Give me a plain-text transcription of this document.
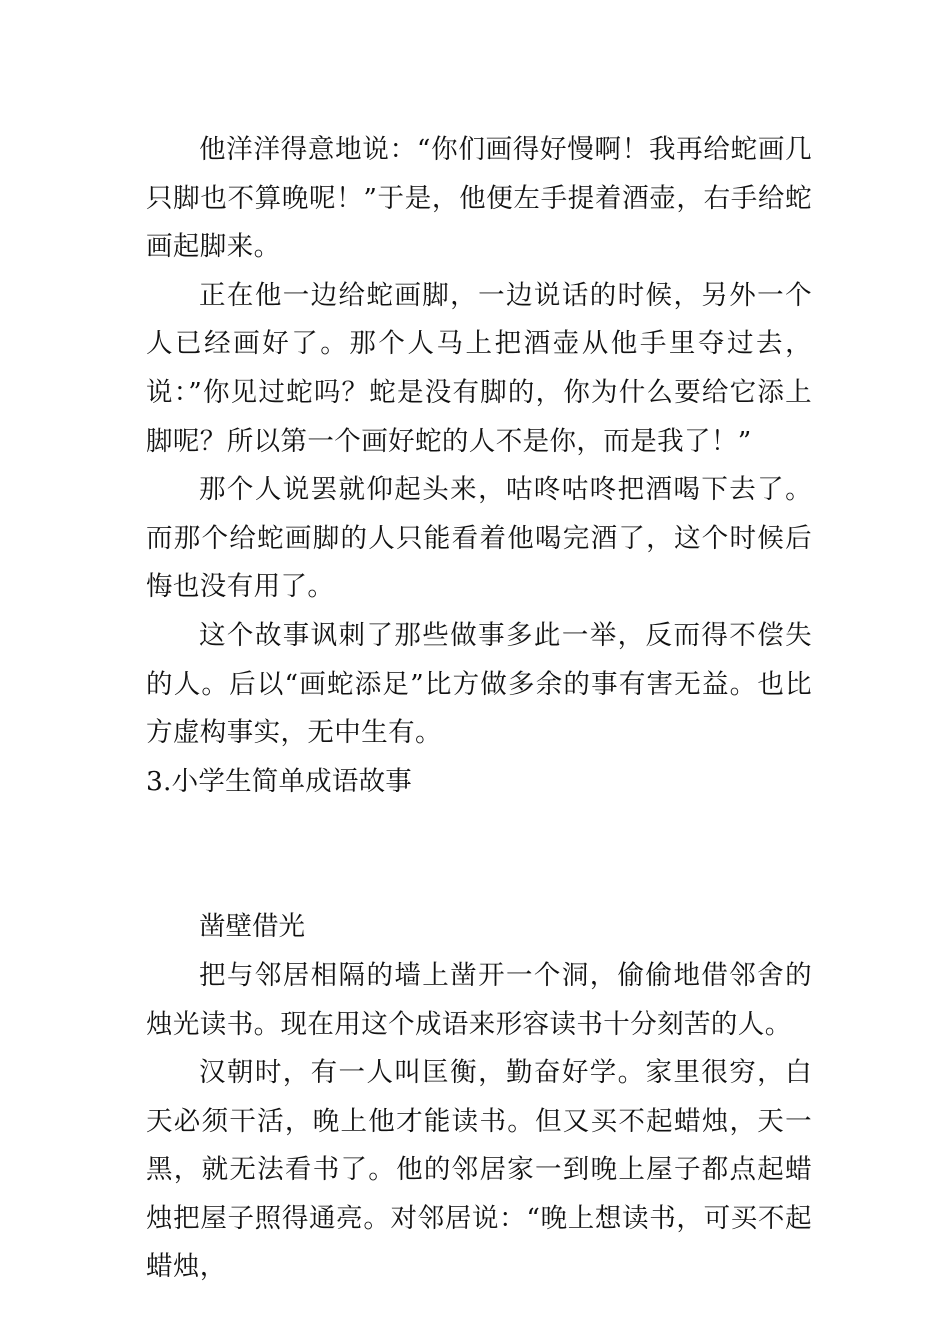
他洋洋得意地说：“你们画得好慢啊！我再给蛇画几只脚也不算晚呢！”于是，他便左手提着酒壶，右手给蛇画起脚来。

正在他一边给蛇画脚，一边说话的时候，另外一个人已经画好了。那个人马上把酒壶从他手里夺过去，说：”你见过蛇吗？蛇是没有脚的，你为什么要给它添上脚呢？所以第一个画好蛇的人不是你，而是我了！”

那个人说罢就仰起头来，咕咚咕咚把酒喝下去了。而那个给蛇画脚的人只能看着他喝完酒了，这个时候后悔也没有用了。

这个故事讽刺了那些做事多此一举，反而得不偿失的人。后以“画蛇添足”比方做多余的事有害无益。也比方虚构事实，无中生有。

3.小学生简单成语故事

凿壁借光

把与邻居相隔的墙上凿开一个洞，偷偷地借邻舍的烛光读书。现在用这个成语来形容读书十分刻苦的人。

汉朝时，有一人叫匡衡，勤奋好学。家里很穷，白天必须干活，晚上他才能读书。但又买不起蜡烛，天一黑，就无法看书了。他的邻居家一到晚上屋子都点起蜡烛把屋子照得通亮。对邻居说：“晚上想读书，可买不起蜡烛，
